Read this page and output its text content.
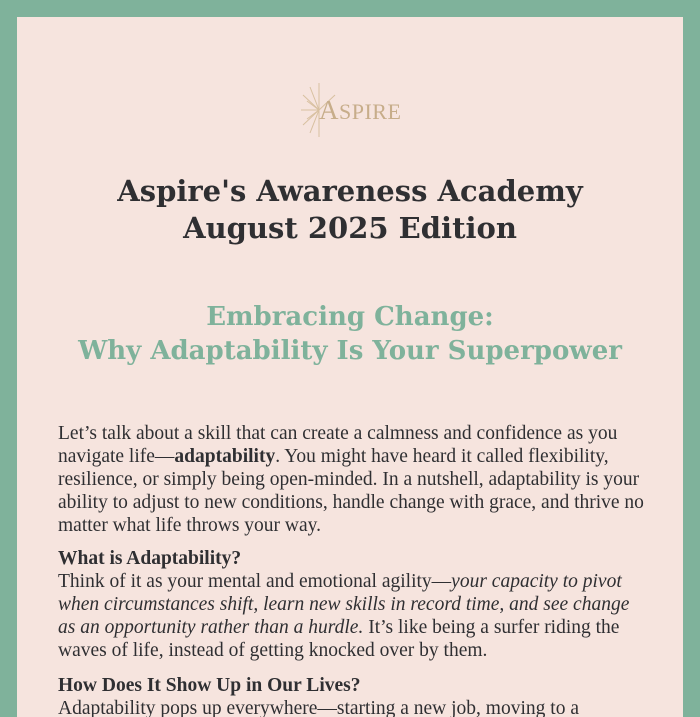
ASPIRE
Aspire's Awareness Academy
August 2025 Edition
Embracing Change:
Why Adaptability Is Your Superpower

Let’s talk about a skill that can create a calmness and confidence as you navigate life—adaptability. You might have heard it called flexibility, resilience, or simply being open-minded. In a nutshell, adaptability is your ability to adjust to new conditions, handle change with grace, and thrive no matter what life throws your way.

What is Adaptability?

Think of it as your mental and emotional agility—your capacity to pivot when circumstances shift, learn new skills in record time, and see change as an opportunity rather than a hurdle. It’s like being a surfer riding the waves of life, instead of getting knocked over by them.

How Does It Show Up in Our Lives?

Adaptability pops up everywhere—starting a new job, moving to a
